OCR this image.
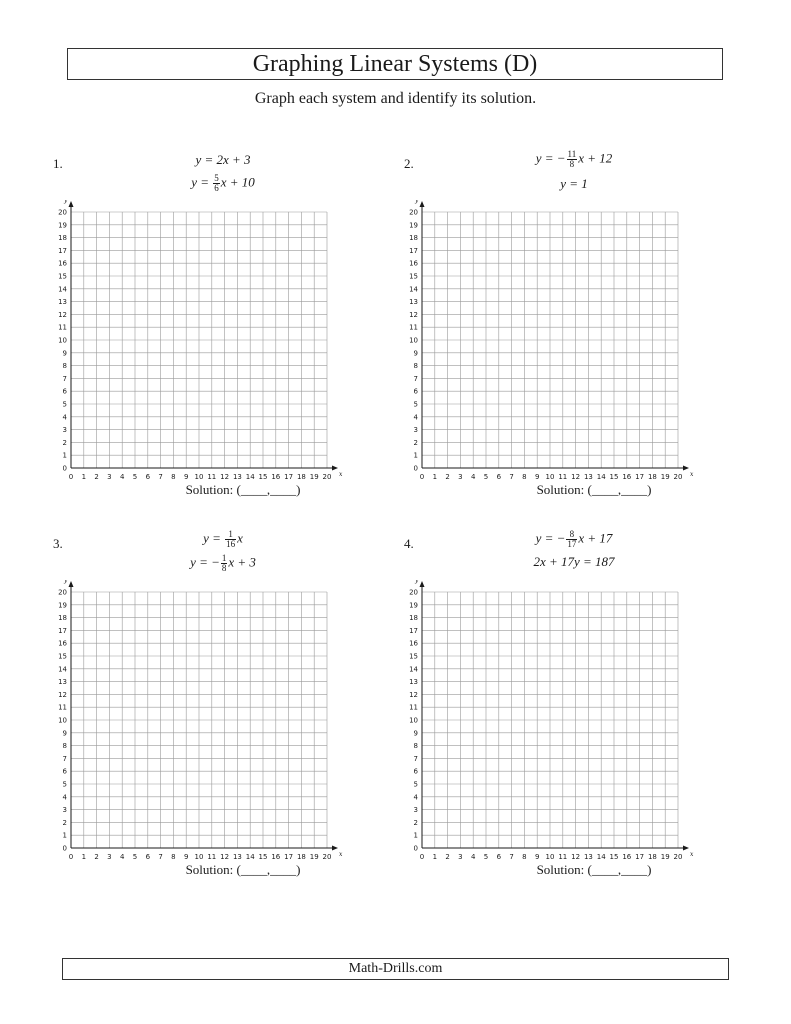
Graphing Linear Systems (D)
Graph each system and identify its solution.
1.	y = 2x + 3
$y = \frac{5}{6}$ x + 10
0 1 2 3 4 5 6 7 8 9 10 11 12 13 14 15 16 17 18 19 20
0
1
2
3
4
5
6
7
8
9
10
11
12
13
14
15
16
17
18
19
20
x
y
Solution: (____,____)
2.	y = − $\frac{11}{8}$ x + 12
y = 1
0 1 2 3 4 5 6 7 8 9 10 11 12 13 14 15 16 17 18 19 20
0
1
2
3
4
5
6
7
8
9
10
11
12
13
14
15
16
17
18
19
20
x
y
Solution: (____,____)
3.	$y = \frac{1}{16}$ x
y = − $\frac{1}{8}$ x + 3
0 1 2 3 4 5 6 7 8 9 10 11 12 13 14 15 16 17 18 19 20
0
1
2
3
4
5
6
7
8
9
10
11
12
13
14
15
16
17
18
19
20
x
y
Solution: (____,____)
4.	y = − $\frac{8}{17}$ x + 17
2x + 17y = 187
0 1 2 3 4 5 6 7 8 9 10 11 12 13 14 15 16 17 18 19 20
0
1
2
3
4
5
6
7
8
9
10
11
12
13
14
15
16
17
18
19
20
x
y
Solution: (____,____)
Math-Drills.com
